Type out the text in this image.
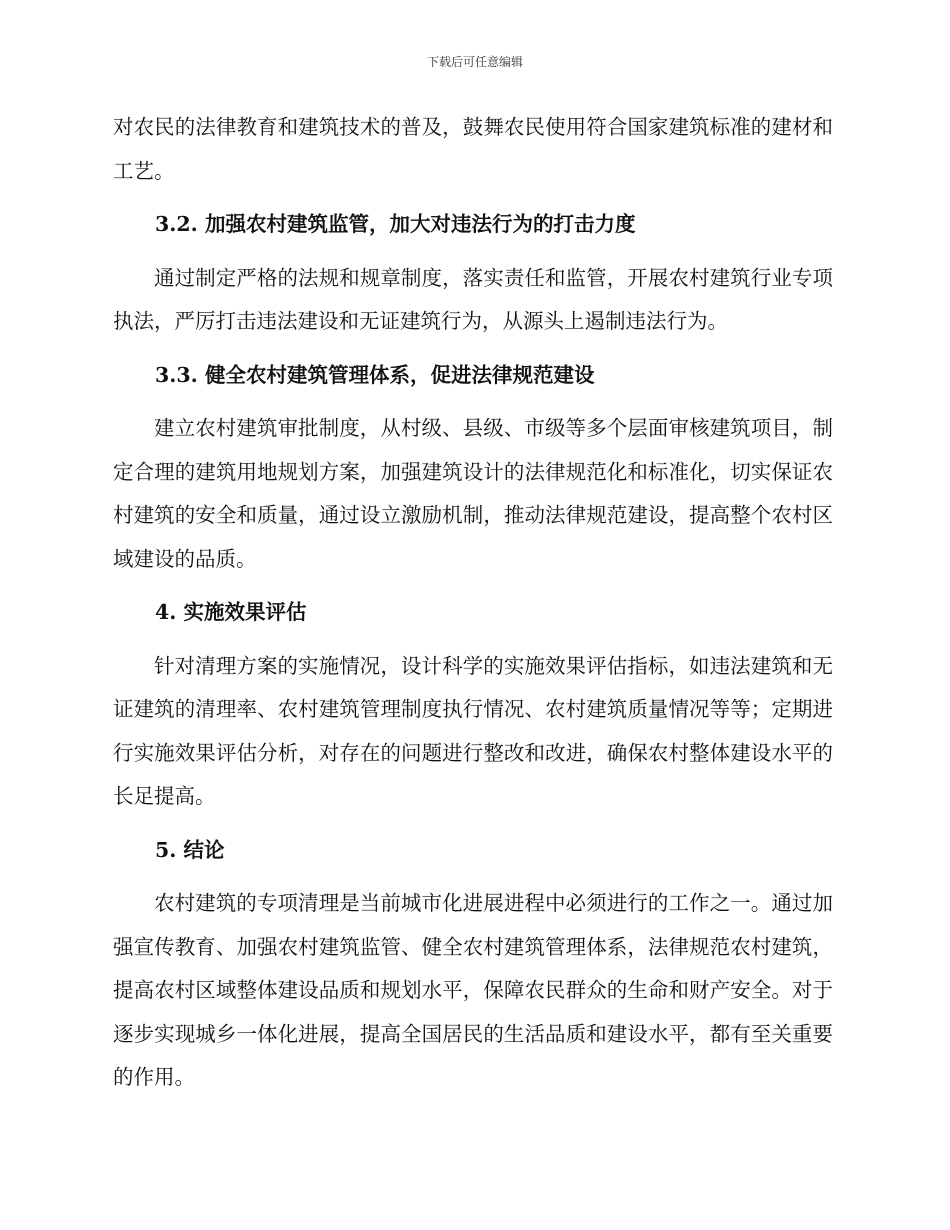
下载后可任意编辑

对农民的法律教育和建筑技术的普及，鼓舞农民使用符合国家建筑标准的建材和工艺。

3.2. 加强农村建筑监管，加大对违法行为的打击力度

通过制定严格的法规和规章制度，落实责任和监管，开展农村建筑行业专项执法，严厉打击违法建设和无证建筑行为，从源头上遏制违法行为。

3.3. 健全农村建筑管理体系，促进法律规范建设

建立农村建筑审批制度，从村级、县级、市级等多个层面审核建筑项目，制定合理的建筑用地规划方案，加强建筑设计的法律规范化和标准化，切实保证农村建筑的安全和质量，通过设立激励机制，推动法律规范建设，提高整个农村区域建设的品质。

4. 实施效果评估

针对清理方案的实施情况，设计科学的实施效果评估指标，如违法建筑和无证建筑的清理率、农村建筑管理制度执行情况、农村建筑质量情况等等；定期进行实施效果评估分析，对存在的问题进行整改和改进，确保农村整体建设水平的长足提高。

5. 结论

农村建筑的专项清理是当前城市化进展进程中必须进行的工作之一。通过加强宣传教育、加强农村建筑监管、健全农村建筑管理体系，法律规范农村建筑，提高农村区域整体建设品质和规划水平，保障农民群众的生命和财产安全。对于逐步实现城乡一体化进展，提高全国居民的生活品质和建设水平，都有至关重要的作用。
